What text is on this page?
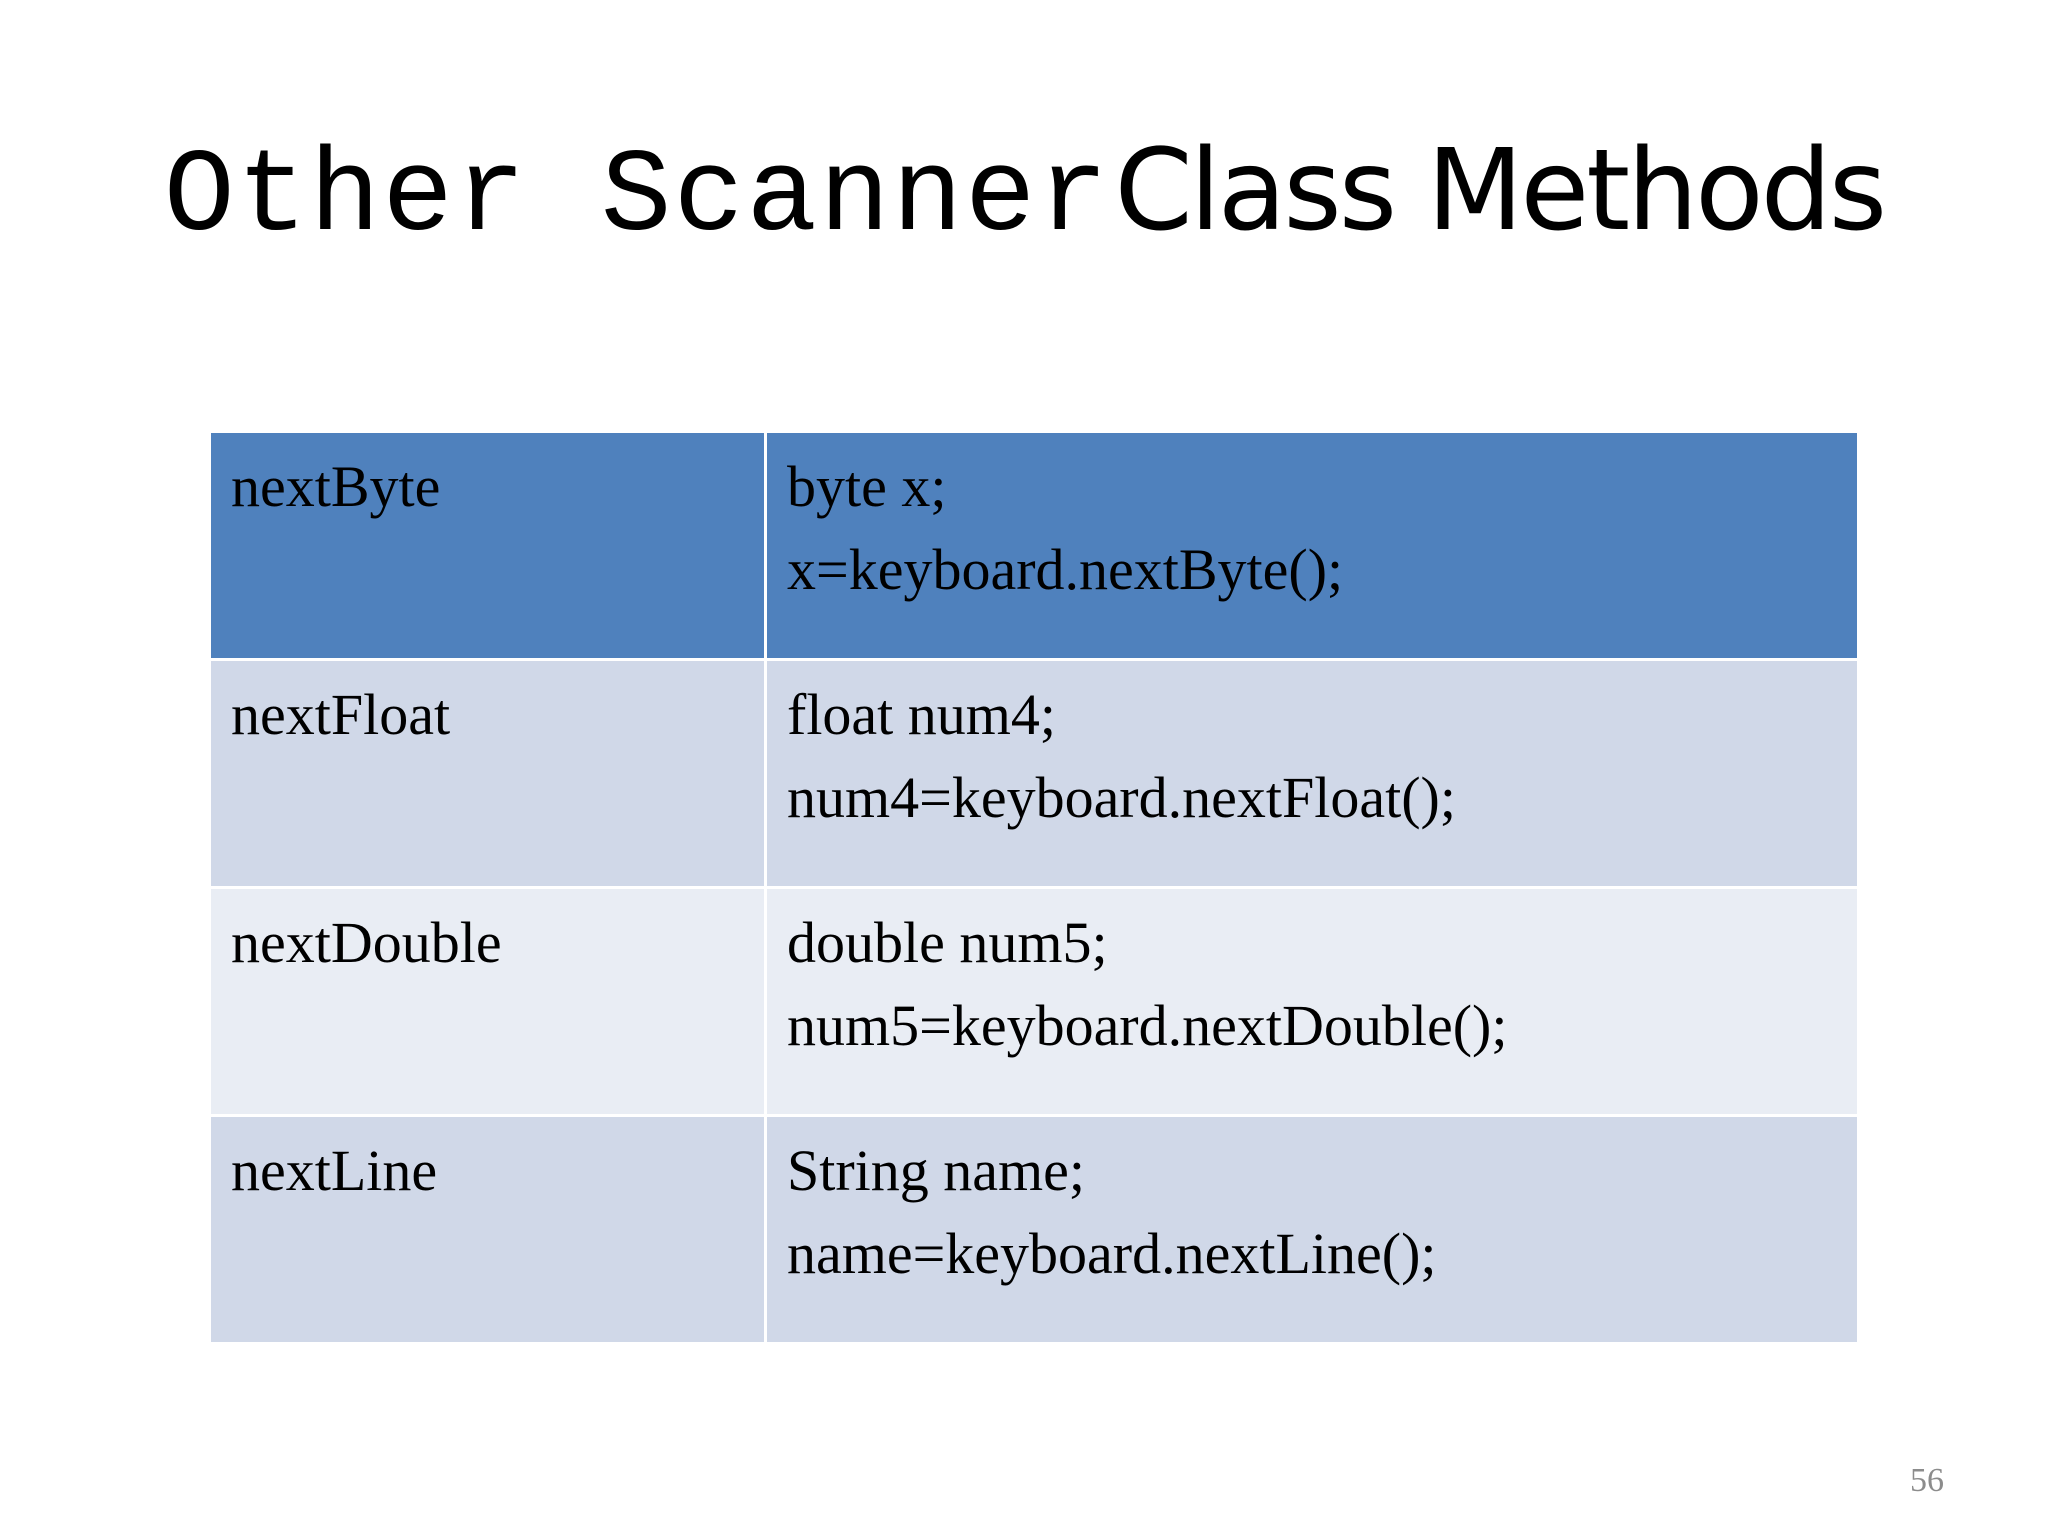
Other Scanner Class Methods
nextByte	byte x;
x=keyboard.nextByte();

nextFloat	float num4;
num4=keyboard.nextFloat();

nextDouble	double num5;
num5=keyboard.nextDouble();

nextLine	String name;
name=keyboard.nextLine();
56
